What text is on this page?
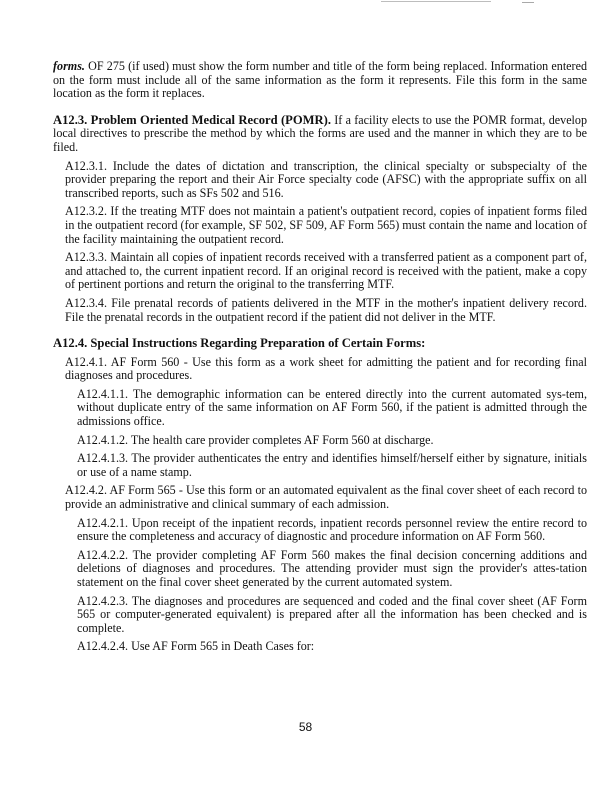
forms. OF 275 (if used) must show the form number and title of the form being replaced. Information entered on the form must include all of the same information as the form it represents. File this form in the same location as the form it replaces.

A12.3. Problem Oriented Medical Record (POMR). If a facility elects to use the POMR format, develop local directives to prescribe the method by which the forms are used and the manner in which they are to be filed.

A12.3.1. Include the dates of dictation and transcription, the clinical specialty or subspecialty of the provider preparing the report and their Air Force specialty code (AFSC) with the appropriate suffix on all transcribed reports, such as SFs 502 and 516.

A12.3.2. If the treating MTF does not maintain a patient's outpatient record, copies of inpatient forms filed in the outpatient record (for example, SF 502, SF 509, AF Form 565) must contain the name and location of the facility maintaining the outpatient record.

A12.3.3. Maintain all copies of inpatient records received with a transferred patient as a component part of, and attached to, the current inpatient record. If an original record is received with the patient, make a copy of pertinent portions and return the original to the transferring MTF.

A12.3.4. File prenatal records of patients delivered in the MTF in the mother's inpatient delivery record. File the prenatal records in the outpatient record if the patient did not deliver in the MTF.

A12.4. Special Instructions Regarding Preparation of Certain Forms:

A12.4.1. AF Form 560 - Use this form as a work sheet for admitting the patient and for recording final diagnoses and procedures.

A12.4.1.1. The demographic information can be entered directly into the current automated sys-tem, without duplicate entry of the same information on AF Form 560, if the patient is admitted through the admissions office.

A12.4.1.2. The health care provider completes AF Form 560 at discharge.

A12.4.1.3. The provider authenticates the entry and identifies himself/herself either by signature, initials or use of a name stamp.

A12.4.2. AF Form 565 - Use this form or an automated equivalent as the final cover sheet of each record to provide an administrative and clinical summary of each admission.

A12.4.2.1. Upon receipt of the inpatient records, inpatient records personnel review the entire record to ensure the completeness and accuracy of diagnostic and procedure information on AF Form 560.

A12.4.2.2. The provider completing AF Form 560 makes the final decision concerning additions and deletions of diagnoses and procedures. The attending provider must sign the provider's attes-tation statement on the final cover sheet generated by the current automated system.

A12.4.2.3. The diagnoses and procedures are sequenced and coded and the final cover sheet (AF Form 565 or computer-generated equivalent) is prepared after all the information has been checked and is complete.

A12.4.2.4. Use AF Form 565 in Death Cases for:

58
